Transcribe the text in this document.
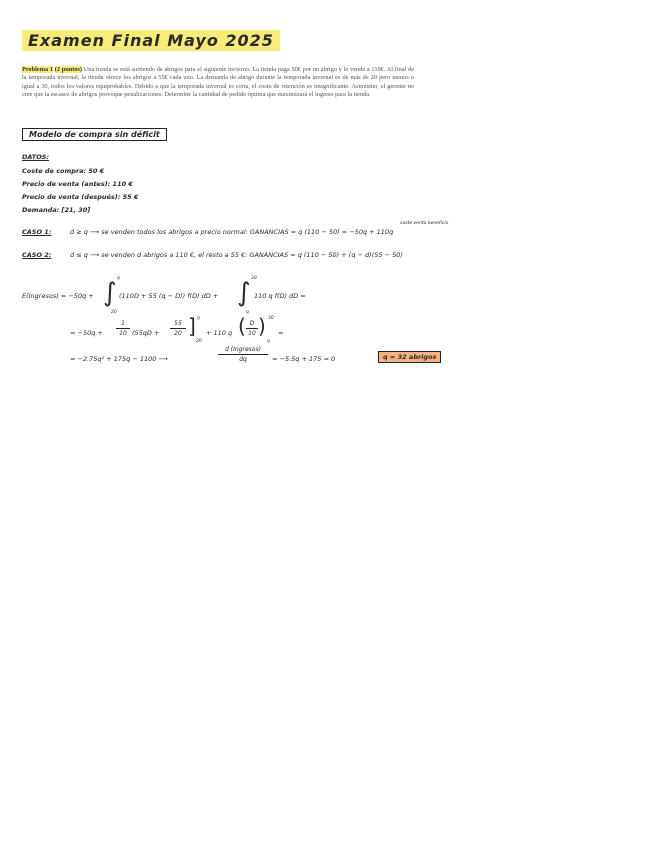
Examen Final Mayo 2025
Problema 1 (2 puntos) Una tienda se está surtiendo de abrigos para el siguiente invierno. La tienda paga 50€ por un abrigo y lo vende a 110€. Al final de la temporada invernal, la tienda ofrece los abrigos a 55€ cada uno. La demanda de abrigo durante la temporada invernal es de más de 20 pero menos o igual a 30, todos los valores equiprobables. Debido a que la temporada invernal es corta, el costo de retención es insignificante. Asimismo, el gerente no cree que la escasez de abrigos provoque penalizaciones. Determine la cantidad de pedido óptima que maximizará el ingreso para la tienda.
Modelo de compra sin déficit
DATOS:
Coste de compra: 50 €
Precio de venta (antes): 110 €
Precio de venta (después): 55 €
Demanda: [21, 30]
coste venta beneficio
CASO 1:	d ≥ q ⟶ se venden todos los abrigos a precio normal: GANANCIAS = q (110 − 50) = −50q + 110q
CASO 2:	d ≤ q ⟶ se venden d abrigos a 110 €, el resto a 55 €: GANANCIAS = q (110 − 50) + (q − d)(55 − 50)
E(Ingresos) = −50q + ∫ q
20
(110D + 55 (q − D)) f(D) dD + ∫ 30
q
110 q f(D) dD =
= −50q +
1
10 (55qD +
55
20 ] q
20
+ 110 q ( D
10 ) 30
q
=
= −2.75q² + 175q − 1100 ⟶
d (Ingresos)
dq	= −5.5q + 175 = 0	q = 32 abrigos
